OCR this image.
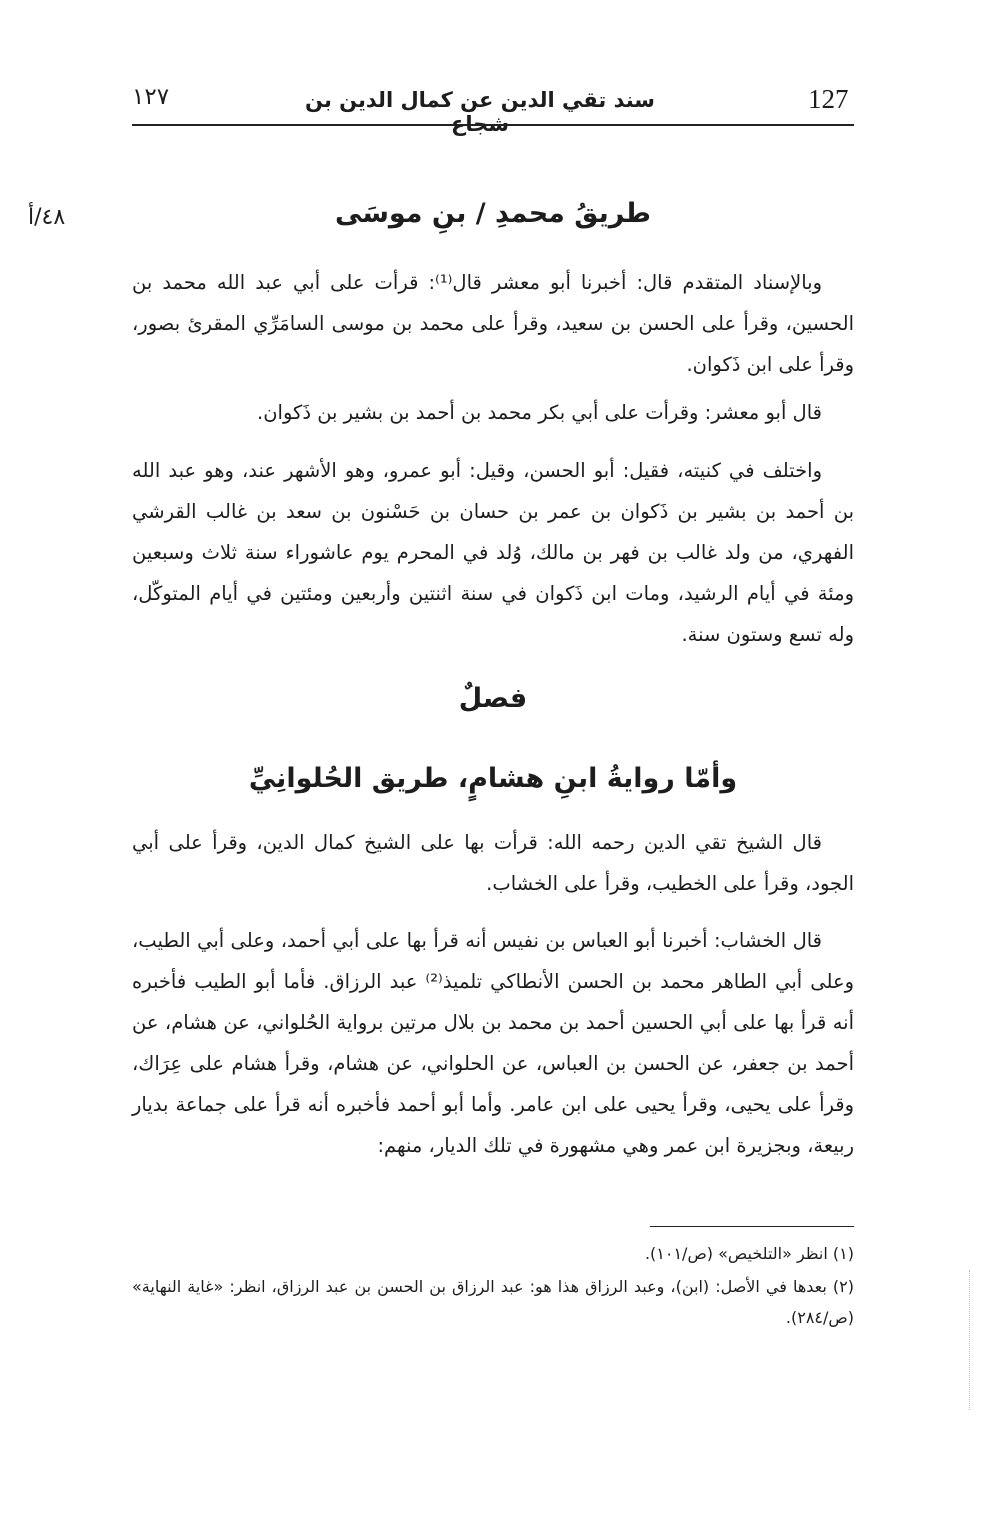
127
سند تقي الدين عن كمال الدين بن شجاع
١٢٧
٤٨/أ	طريقُ محمدِ / بنِ موسَى
وبالإسناد المتقدم قال: أخبرنا أبو معشر قال⁽¹⁾: قرأت على أبي عبد الله محمد بن الحسين، وقرأ على الحسن بن سعيد، وقرأ على محمد بن موسى السامَرِّي المقرئ بصور، وقرأ على ابن ذَكوان.
قال أبو معشر: وقرأت على أبي بكر محمد بن أحمد بن بشير بن ذَكوان.
واختلف في كنيته، فقيل: أبو الحسن، وقيل: أبو عمرو، وهو الأشهر عند، وهو عبد الله بن أحمد بن بشير بن ذَكوان بن عمر بن حسان بن حَسْنون بن سعد بن غالب القرشي الفهري، من ولد غالب بن فهر بن مالك، وُلد في المحرم يوم عاشوراء سنة ثلاث وسبعين ومئة في أيام الرشيد، ومات ابن ذَكوان في سنة اثنتين وأربعين ومئتين في أيام المتوكّل، وله تسع وستون سنة.
فصلٌ
وأمّا روايةُ ابنِ هشامٍ، طريق الحُلوانِيِّ
قال الشيخ تقي الدين رحمه الله: قرأت بها على الشيخ كمال الدين، وقرأ على أبي الجود، وقرأ على الخطيب، وقرأ على الخشاب.
قال الخشاب: أخبرنا أبو العباس بن نفيس أنه قرأ بها على أبي أحمد، وعلى أبي الطيب، وعلى أبي الطاهر محمد بن الحسن الأنطاكي تلميذ⁽²⁾ عبد الرزاق. فأما أبو الطيب فأخبره أنه قرأ بها على أبي الحسين أحمد بن محمد بن بلال مرتين برواية الحُلواني، عن هشام، عن أحمد بن جعفر، عن الحسن بن العباس، عن الحلواني، عن هشام، وقرأ هشام على عِرَاك، وقرأ على يحيى، وقرأ يحيى على ابن عامر. وأما أبو أحمد فأخبره أنه قرأ على جماعة بديار ربيعة، وبجزيرة ابن عمر وهي مشهورة في تلك الديار، منهم:
(١) انظر «التلخيص» (ص/١٠١).
(٢) بعدها في الأصل: (ابن)، وعبد الرزاق هذا هو: عبد الرزاق بن الحسن بن عبد الرزاق، انظر: «غاية النهاية» (ص/٢٨٤).
